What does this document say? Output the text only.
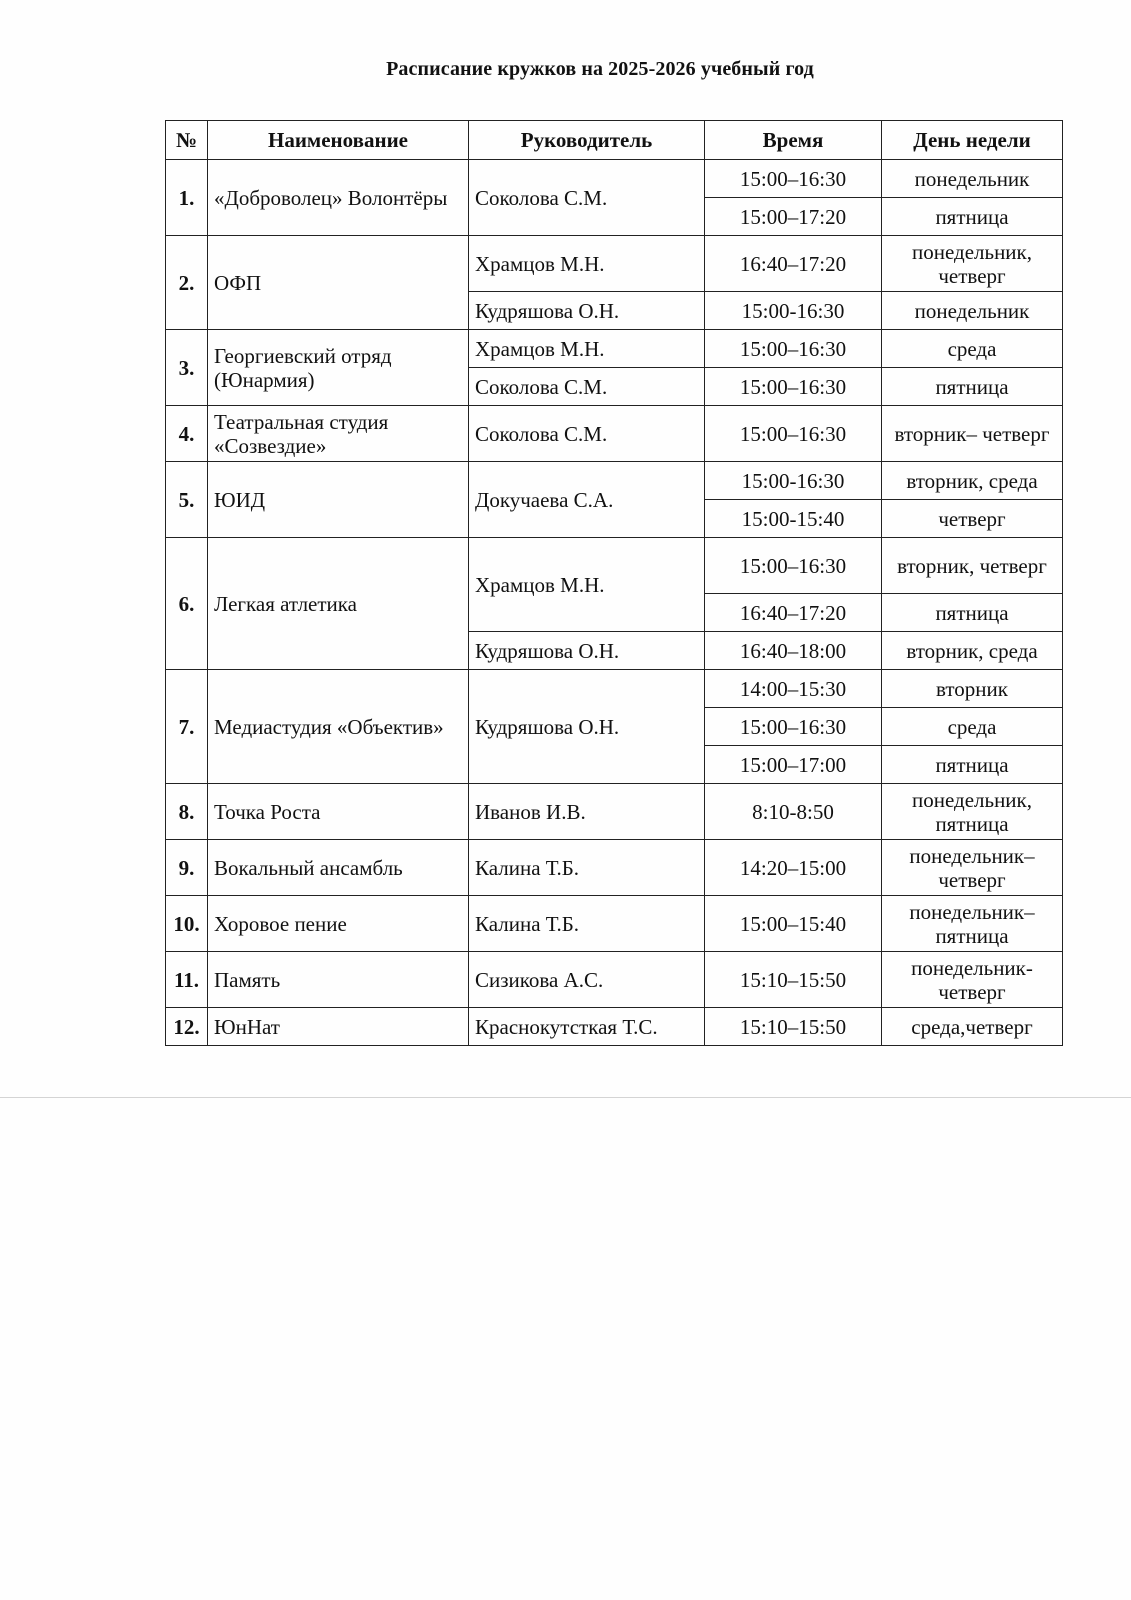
Расписание кружков на 2025-2026 учебный год
№	Наименование	Руководитель	Время	День недели
1.	«Доброволец» Волонтёры	Соколова С.М.	15:00–16:30	понедельник
			15:00–17:20	пятница
2.	ОФП	Храмцов М.Н.	16:40–17:20	понедельник, четверг
		Кудряшова О.Н.	15:00-16:30	понедельник
3.	Георгиевский отряд (Юнармия)	Храмцов М.Н.	15:00–16:30	среда
		Соколова С.М.	15:00–16:30	пятница
4.	Театральная студия «Созвездие»	Соколова С.М.	15:00–16:30	вторник– четверг
5.	ЮИД	Докучаева С.А.	15:00-16:30	вторник, среда
			15:00-15:40	четверг
6.	Легкая атлетика	Храмцов М.Н.	15:00–16:30	вторник, четверг
			16:40–17:20	пятница
		Кудряшова О.Н.	16:40–18:00	вторник, среда
7.	Медиастудия «Объектив»	Кудряшова О.Н.	14:00–15:30	вторник
			15:00–16:30	среда
			15:00–17:00	пятница
8.	Точка Роста	Иванов И.В.	8:10-8:50	понедельник, пятница
9.	Вокальный ансамбль	Калина Т.Б.	14:20–15:00	понедельник– четверг
10.	Хоровое пение	Калина Т.Б.	15:00–15:40	понедельник– пятница
11.	Память	Сизикова А.С.	15:10–15:50	понедельник- четверг
12.	ЮнНат	Краснокутсткая Т.С.	15:10–15:50	среда,четверг
